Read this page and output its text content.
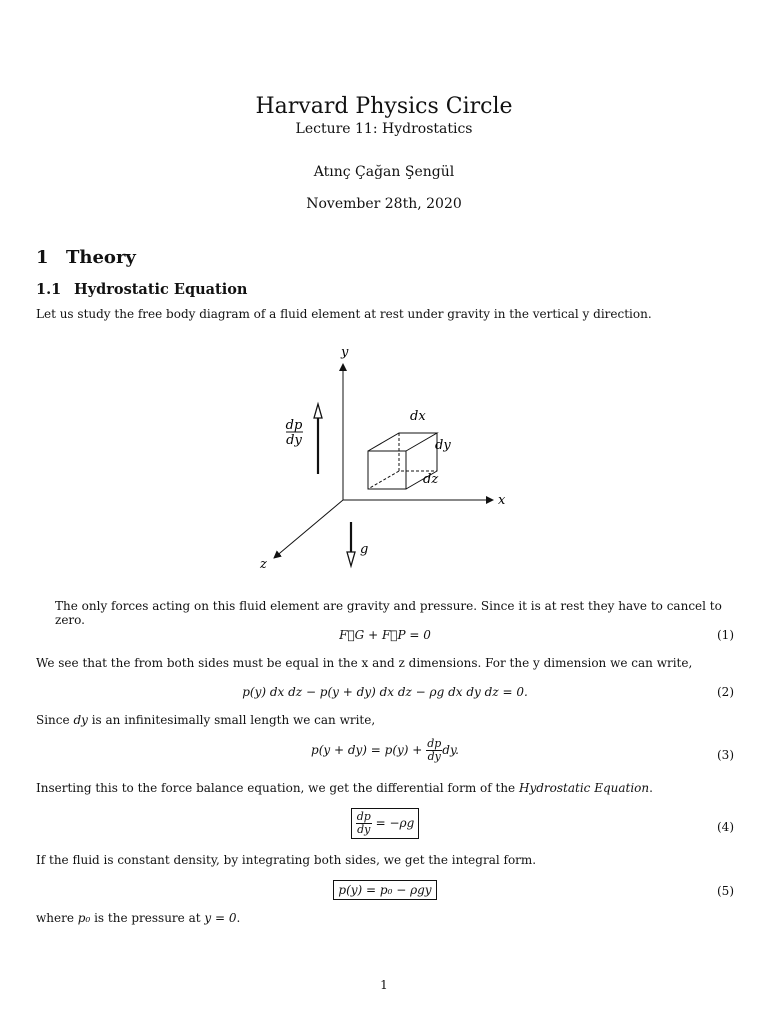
Harvard Physics Circle
Lecture 11: Hydrostatics
Atınç Çağan Şengül
November 28th, 2020
1 Theory
1.1 Hydrostatic Equation
Let us study the free body diagram of a fluid element at rest under gravity in the vertical y direction.
y
x
z
dx
dy
dz
dp
dy
g
The only forces acting on this fluid element are gravity and pressure. Since it is at rest they have to cancel to zero.
F⃗G + F⃗P = 0	(1)
We see that the from both sides must be equal in the x and z dimensions. For the y dimension we can write,
p(y) dx dz − p(y + dy) dx dz − ρg dx dy dz = 0.	(2)
Since dy is an infinitesimally small length we can write,
$p(y + dy) = p(y) + \frac{dp}{dy}$ dy.	(3)
Inserting this to the force balance equation, we get the differential form of the Hydrostatic Equation.
$\frac{dp}{dy} = -\rho g$	(4)
If the fluid is constant density, by integrating both sides, we get the integral form.
p(y) = p₀ − ρgy	(5)
where p₀ is the pressure at y = 0.
1
